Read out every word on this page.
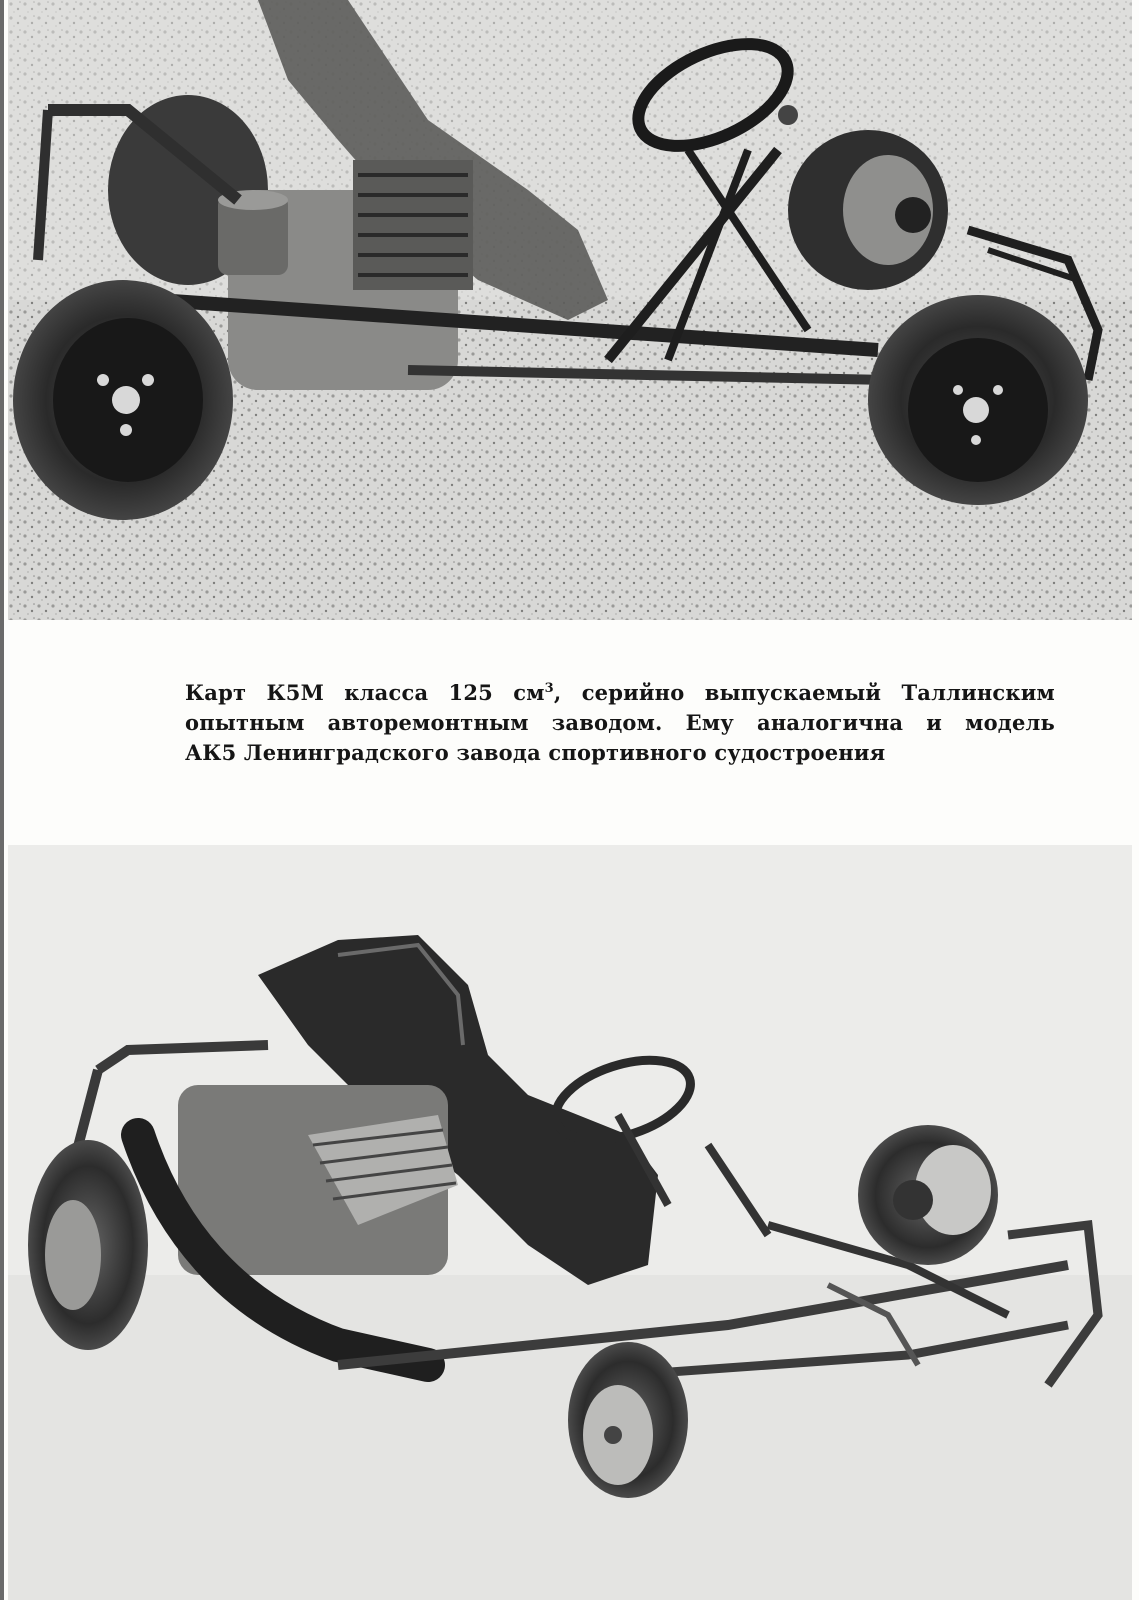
Карт К5М класса 125 $см^3$, серийно выпускаемый Таллинским
опытным авторемонтным заводом. Ему аналогична и модель
АК5 Ленинградского завода спортивного судостроения
